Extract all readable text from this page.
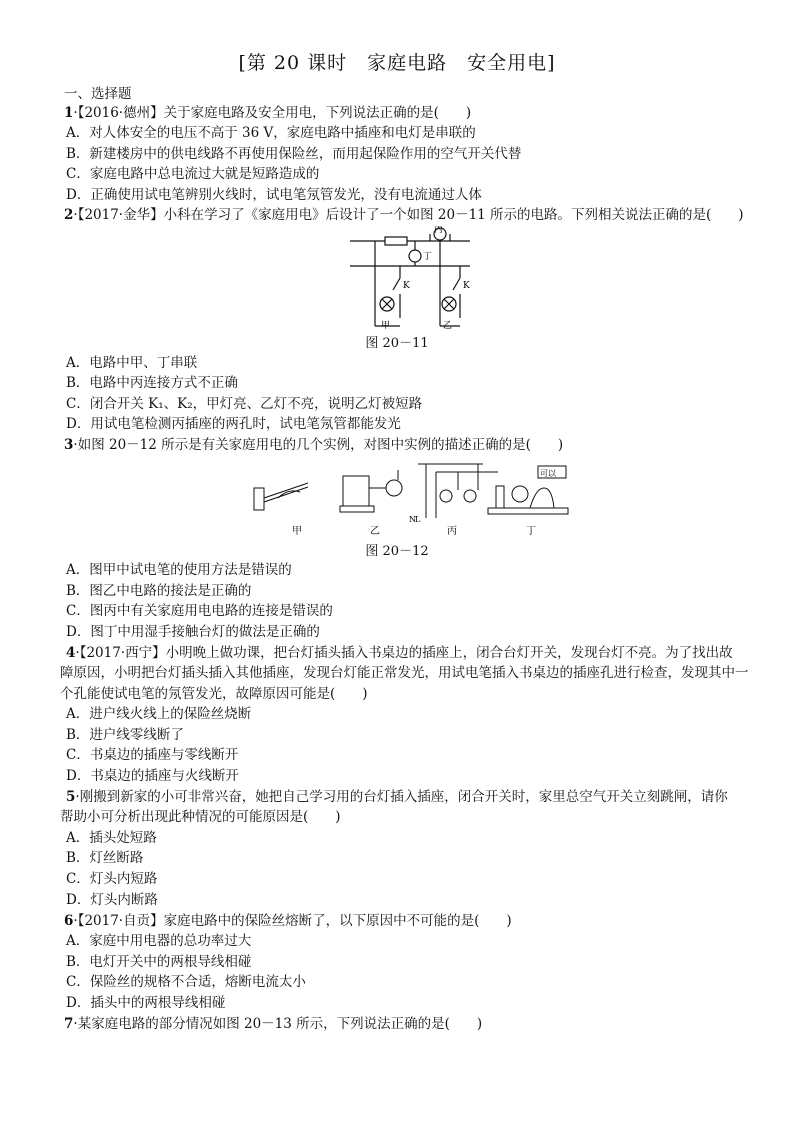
[第 20 课时　家庭电路　安全用电]
一、选择题
1·【2016·德州】关于家庭电路及安全用电，下列说法正确的是(　　)
A．对人体安全的电压不高于 36 V，家庭电路中插座和电灯是串联的
B．新建楼房中的供电线路不再使用保险丝，而用起保险作用的空气开关代替
C．家庭电路中总电流过大就是短路造成的
D．正确使用试电笔辨别火线时，试电笔氖管发光，没有电流通过人体
2·【2017·金华】小科在学习了《家庭用电》后设计了一个如图 20－11 所示的电路。下列相关说法正确的是(　　)
丙
丁
K	K
甲	乙
图 20－11
A．电路中甲、丁串联
B．电路中丙连接方式不正确
C．闭合开关 K₁、K₂，甲灯亮、乙灯不亮，说明乙灯被短路
D．用试电笔检测丙插座的两孔时，试电笔氖管都能发光
3·如图 20－12 所示是有关家庭用电的几个实例，对图中实例的描述正确的是(　　)
可以
N L
甲	乙	丙	丁
图 20－12
A．图甲中试电笔的使用方法是错误的
B．图乙中电路的接法是正确的
C．图丙中有关家庭用电电路的连接是错误的
D．图丁中用湿手接触台灯的做法是正确的
4·【2017·西宁】小明晚上做功课，把台灯插头插入书桌边的插座上，闭合台灯开关，发现台灯不亮。为了找出故
障原因，小明把台灯插头插入其他插座，发现台灯能正常发光，用试电笔插入书桌边的插座孔进行检查，发现其中一
个孔能使试电笔的氖管发光，故障原因可能是(　　)
A．进户线火线上的保险丝烧断
B．进户线零线断了
C．书桌边的插座与零线断开
D．书桌边的插座与火线断开
5·刚搬到新家的小可非常兴奋，她把自己学习用的台灯插入插座，闭合开关时，家里总空气开关立刻跳闸，请你
帮助小可分析出现此种情况的可能原因是(　　)
A．插头处短路
B．灯丝断路
C．灯头内短路
D．灯头内断路
6·【2017·自贡】家庭电路中的保险丝熔断了，以下原因中不可能的是(　　)
A．家庭中用电器的总功率过大
B．电灯开关中的两根导线相碰
C．保险丝的规格不合适，熔断电流太小
D．插头中的两根导线相碰
7·某家庭电路的部分情况如图 20－13 所示，下列说法正确的是(　　)
